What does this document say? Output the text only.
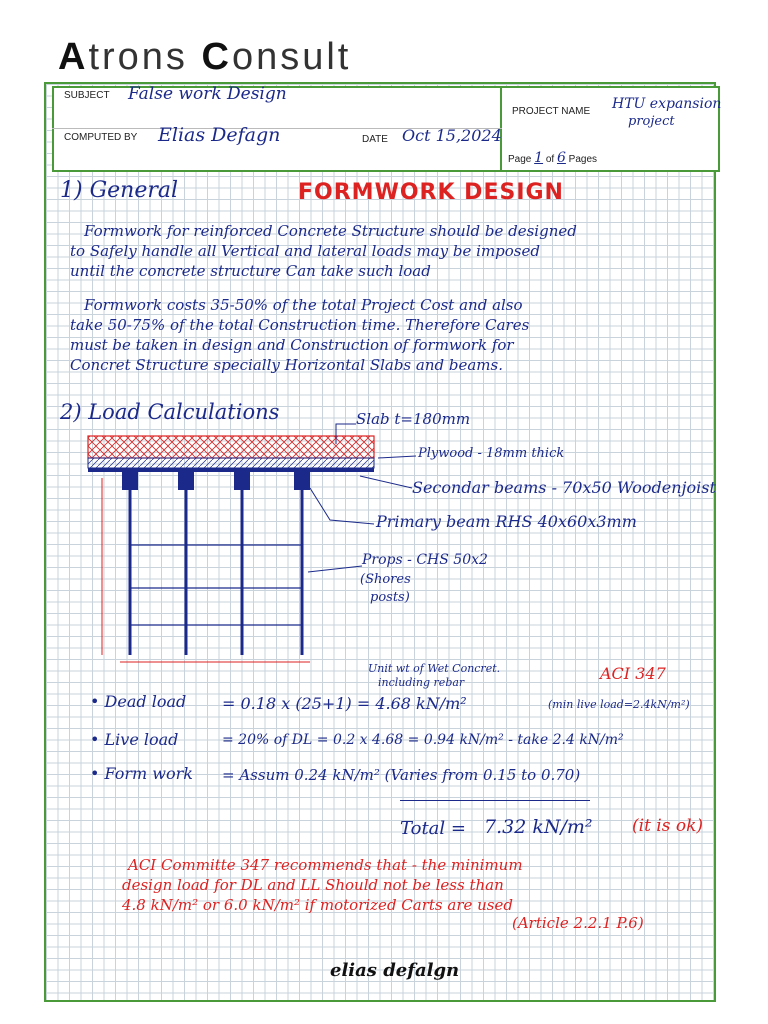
Atrons Consult
SUBJECT False work Design
COMPUTED BY Elias Defagn	DATE Oct 15,2024
PROJECT NAME HTU expansion
project
Page 1 of 6 Pages
1) General	FORMWORK DESIGN
Formwork for reinforced Concrete Structure should be designed
to Safely handle all Vertical and lateral loads may be imposed
until the concrete structure Can take such load
Formwork costs 35-50% of the total Project Cost and also
take 50-75% of the total Construction time. Therefore Cares
must be taken in design and Construction of formwork for
Concret Structure specially Horizontal Slabs and beams.
2) Load Calculations	Slab t=180mm
Plywood - 18mm thick
Secondar beams - 70x50 Woodenjoist
Primary beam RHS 40x60x3mm
Props - CHS 50x2
(Shores
posts)
Unit wt of Wet Concret.
including rebar	ACI 347
• Dead load = 0.18 x (25+1) = 4.68 kN/m²	(min live load=2.4kN/m²)
• Live load	= 20% of DL = 0.2 x 4.68 = 0.94 kN/m² - take 2.4 kN/m²
• Form work = Assum 0.24 kN/m² (Varies from 0.15 to 0.70)
Total = 7.32 kN/m² (it is ok)
ACI Committe 347 recommends that - the minimum
design load for DL and LL Should not be less than
4.8 kN/m² or 6.0 kN/m² if motorized Carts are used
(Article 2.2.1 P.6)
elias defalgn
